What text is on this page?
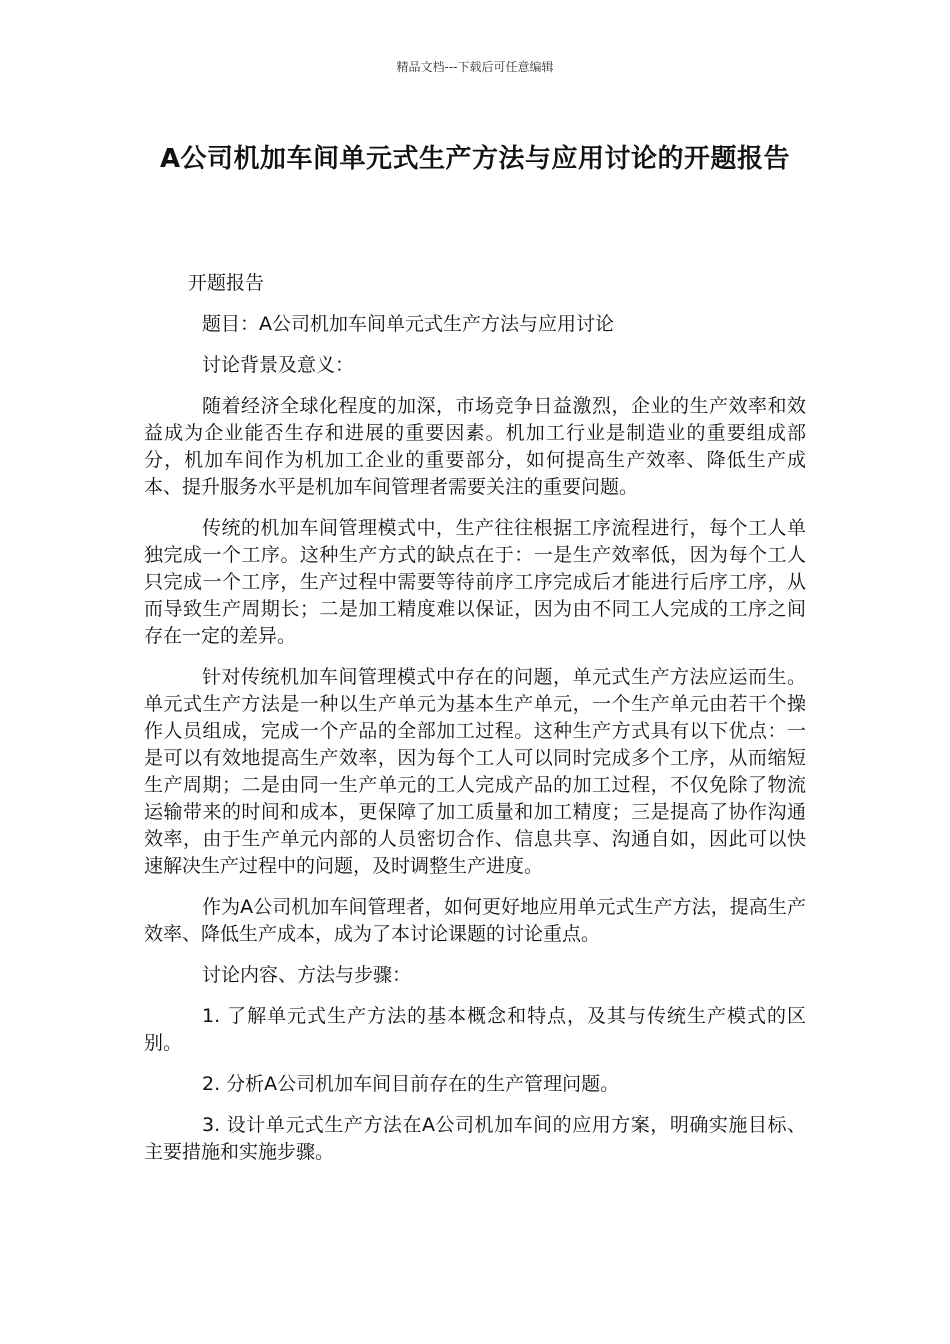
精品文档---下载后可任意编辑
A公司机加车间单元式生产方法与应用讨论的开题报告
开题报告
题目：A公司机加车间单元式生产方法与应用讨论
讨论背景及意义：

随着经济全球化程度的加深，市场竞争日益激烈，企业的生产效率和效益成为企业能否生存和进展的重要因素。机加工行业是制造业的重要组成部分，机加车间作为机加工企业的重要部分，如何提高生产效率、降低生产成本、提升服务水平是机加车间管理者需要关注的重要问题。

传统的机加车间管理模式中，生产往往根据工序流程进行，每个工人单独完成一个工序。这种生产方式的缺点在于：一是生产效率低，因为每个工人只完成一个工序，生产过程中需要等待前序工序完成后才能进行后序工序，从而导致生产周期长；二是加工精度难以保证，因为由不同工人完成的工序之间存在一定的差异。

针对传统机加车间管理模式中存在的问题，单元式生产方法应运而生。单元式生产方法是一种以生产单元为基本生产单元，一个生产单元由若干个操作人员组成，完成一个产品的全部加工过程。这种生产方式具有以下优点：一是可以有效地提高生产效率，因为每个工人可以同时完成多个工序，从而缩短生产周期；二是由同一生产单元的工人完成产品的加工过程，不仅免除了物流运输带来的时间和成本，更保障了加工质量和加工精度；三是提高了协作沟通效率，由于生产单元内部的人员密切合作、信息共享、沟通自如，因此可以快速解决生产过程中的问题，及时调整生产进度。

作为A公司机加车间管理者，如何更好地应用单元式生产方法，提高生产效率、降低生产成本，成为了本讨论课题的讨论重点。

讨论内容、方法与步骤：

1. 了解单元式生产方法的基本概念和特点，及其与传统生产模式的区别。

2. 分析A公司机加车间目前存在的生产管理问题。

3. 设计单元式生产方法在A公司机加车间的应用方案，明确实施目标、主要措施和实施步骤。
